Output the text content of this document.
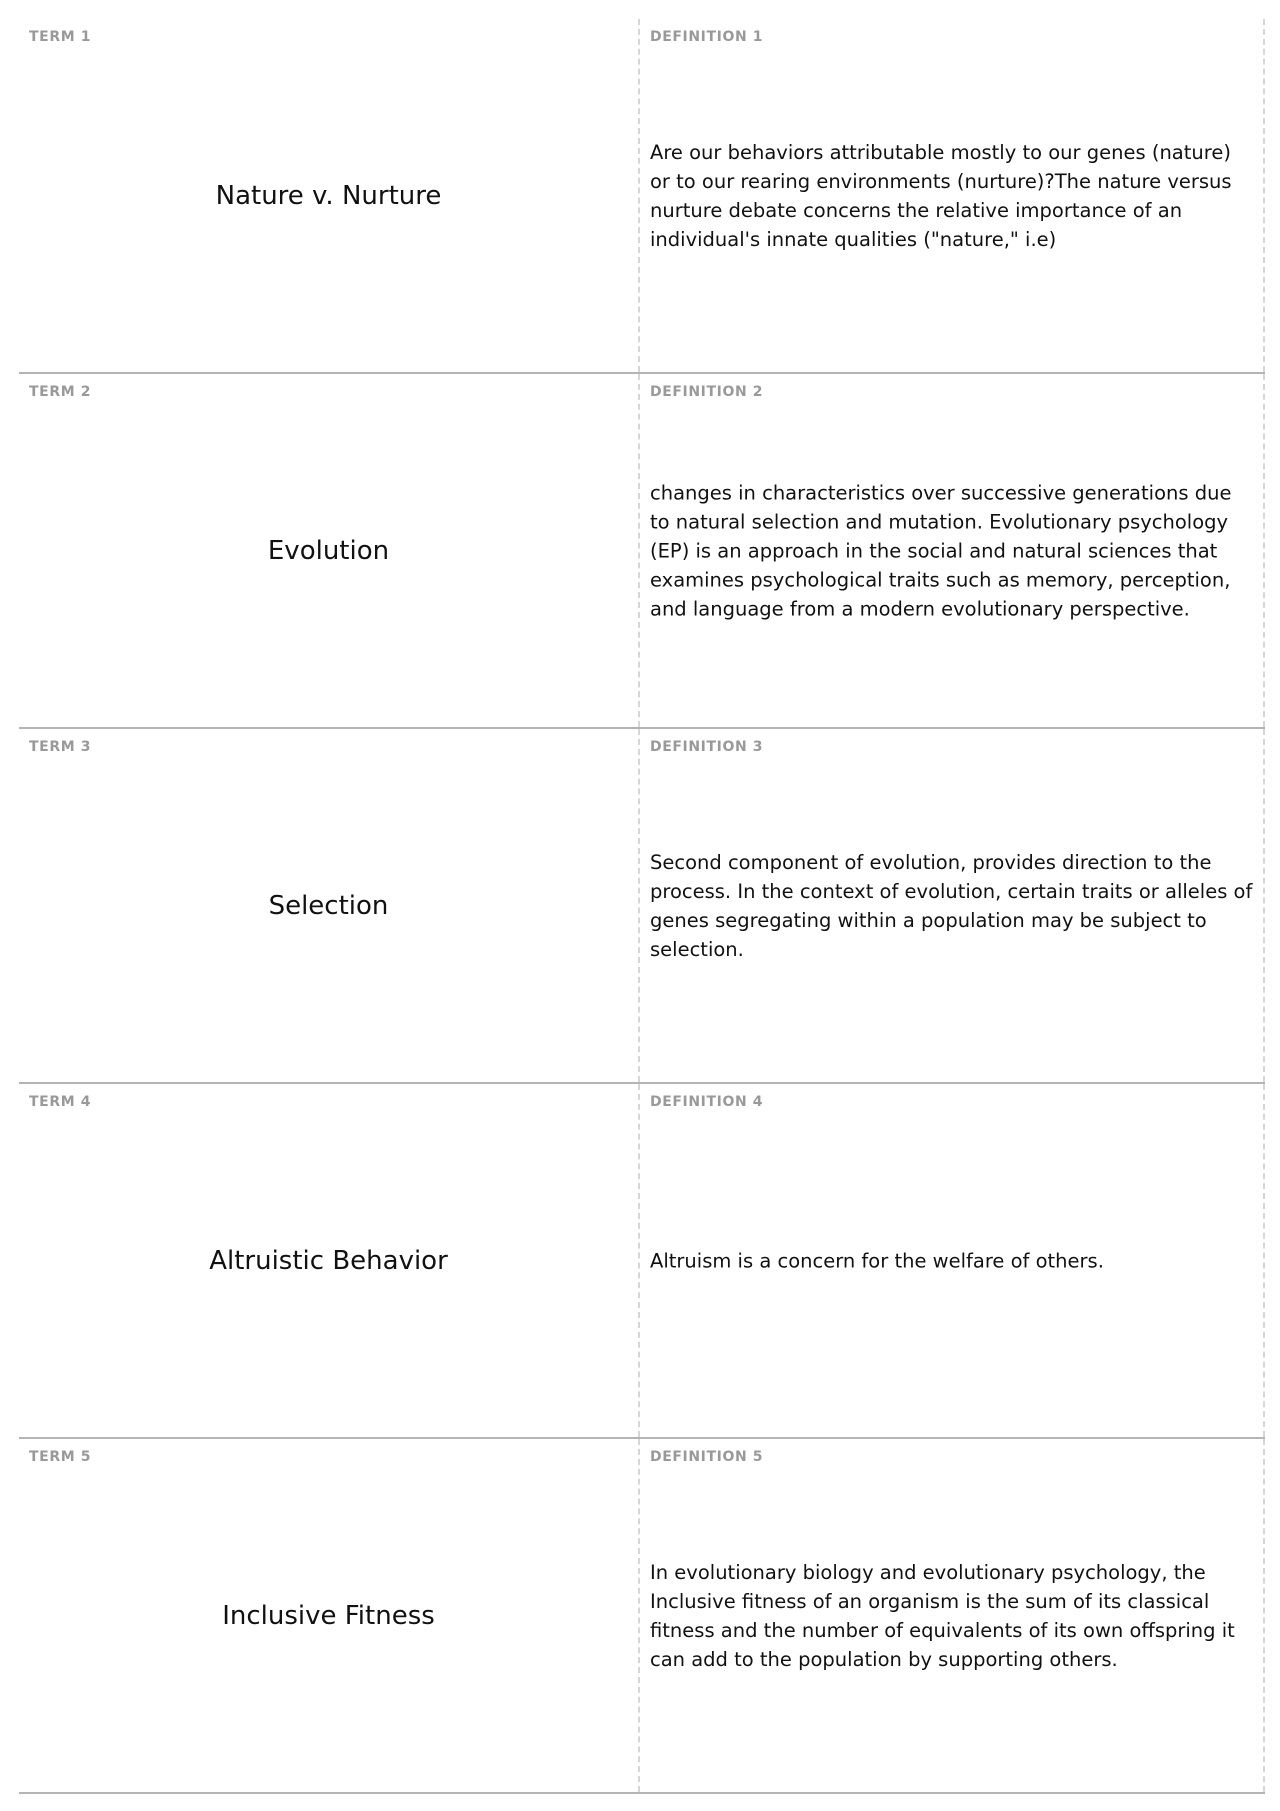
TERM 1
Nature v. Nurture
DEFINITION 1
Are our behaviors attributable mostly to our genes (nature) or to our rearing environments (nurture)?The nature versus nurture debate concerns the relative importance of an individual's innate qualities ("nature," i.e)
TERM 2
Evolution
DEFINITION 2
changes in characteristics over successive generations due to natural selection and mutation. Evolutionary psychology (EP) is an approach in the social and natural sciences that examines psychological traits such as memory, perception, and language from a modern evolutionary perspective.
TERM 3
Selection
DEFINITION 3
Second component of evolution, provides direction to the process. In the context of evolution, certain traits or alleles of genes segregating within a population may be subject to selection.
TERM 4
Altruistic Behavior
DEFINITION 4
Altruism is a concern for the welfare of others.
TERM 5
Inclusive Fitness
DEFINITION 5
In evolutionary biology and evolutionary psychology, the Inclusive fitness of an organism is the sum of its classical fitness and the number of equivalents of its own offspring it can add to the population by supporting others.
